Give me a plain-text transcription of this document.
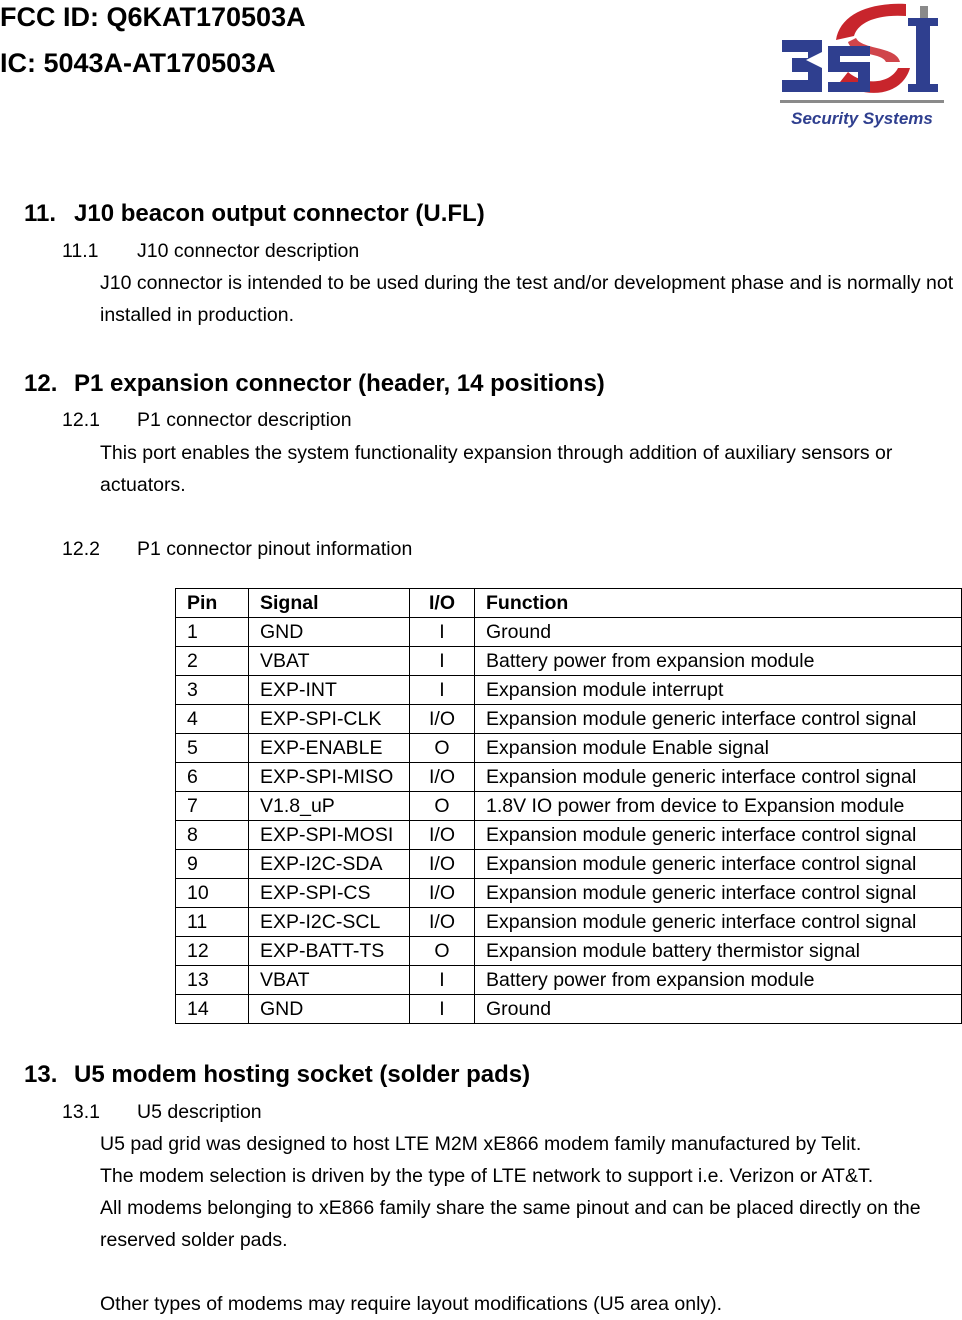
FCC ID: Q6KAT170503A
IC: 5043A-AT170503A
Security Systems
11. J10 beacon output connector (U.FL)
11.1 J10 connector description

J10 connector is intended to be used during the test and/or development phase and is normally not installed in production.

12. P1 expansion connector (header, 14 positions)
12.1 P1 connector description

This port enables the system functionality expansion through addition of auxiliary sensors or actuators.

12.2 P1 connector pinout information
Pin	Signal	I/O	Function
1	GND	I	Ground
2	VBAT	I	Battery power from expansion module
3	EXP-INT	I	Expansion module interrupt
4	EXP-SPI-CLK	I/O	Expansion module generic interface control signal
5	EXP-ENABLE	O	Expansion module Enable signal
6	EXP-SPI-MISO	I/O	Expansion module generic interface control signal
7	V1.8_uP	O	1.8V IO power from device to Expansion module
8	EXP-SPI-MOSI	I/O	Expansion module generic interface control signal
9	EXP-I2C-SDA	I/O	Expansion module generic interface control signal
10	EXP-SPI-CS	I/O	Expansion module generic interface control signal
11	EXP-I2C-SCL	I/O	Expansion module generic interface control signal
12	EXP-BATT-TS	O	Expansion module battery thermistor signal
13	VBAT	I	Battery power from expansion module
14	GND	I	Ground
13. U5 modem hosting socket (solder pads)
13.1 U5 description

U5 pad grid was designed to host LTE M2M xE866 modem family manufactured by Telit.

The modem selection is driven by the type of LTE network to support i.e. Verizon or AT&T.

All modems belonging to xE866 family share the same pinout and can be placed directly on the reserved solder pads.

Other types of modems may require layout modifications (U5 area only).
